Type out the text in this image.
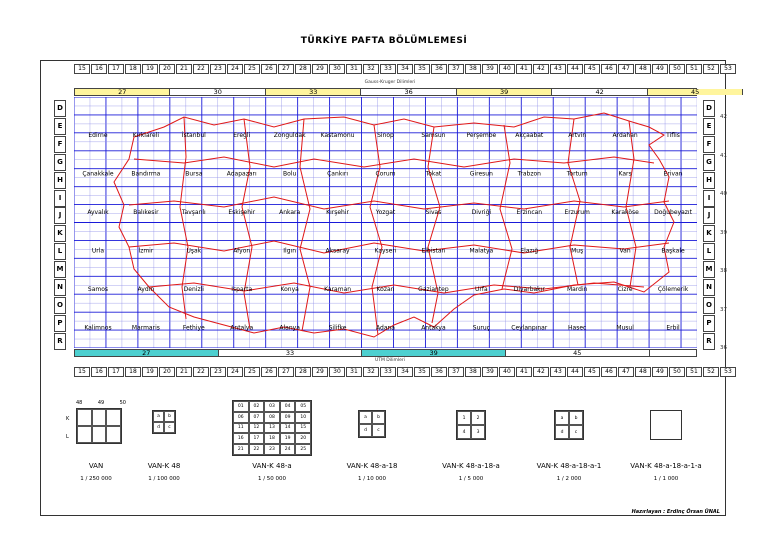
TÜRKİYE PAFTA BÖLÜMLEMESİ
15	16	17	18	19	20	21	22	23	24	25	26	27	28	29	30	31	32	33	34	35	36	37	38	39	40	41	42	43	44	45	46	47	48	49	50	51	52	53
27	30	33	36	39	42	45
Gauss-Kruger Dilimleri
D
E
F
G
H
I
J
K
L
M
N
O
P
R
D
E
F
G
H
I
J
K
L
M
N
O
P
R
42
41
40
39
38
37
36
Edirne	Kırklareli	İstanbul	Ereğli	Zonguldak	Kastamonu	Sinop	Samsun	Perşembe	Akçaabat	Artvin	Ardahan	Tiflis
Çanakkale	Bandırma	Bursa	Adapazarı	Bolu	Çankırı	Çorum	Tokat	Giresun	Trabzon	Tortum	Kars	Erivan
Ayvalık	Balıkesir	Tavşanlı	Eskişehir	Ankara	Kırşehir	Yozgat	Sivas	Divriği	Erzincan	Erzurum	Karaköse	Doğubeyazıt
Urla	İzmir	Uşak	Afyon	Ilgın	Aksaray	Kayseri	Elbistan	Malatya	Elazığ	Muş	Van	Başkale
Samos	Aydın	Denizli	Isparta	Konya	Karaman	Kozan	Gaziantep	Urfa	Diyarbakır	Mardin	Cizre	Çölemerik
Kalimnos	Marmaris	Fethiye	Antalya	Alanya	Silifke	Adana	Antakya	Suruç	Ceylanpınar	Hasec	Musul	Erbil
27	33	39	45
UTM Dilimleri
15	16	17	18	19	20	21	22	23	24	25	26	27	28	29	30	31	32	33	34	35	36	37	38	39	40	41	42	43	44	45	46	47	48	49	50	51	52	53
48	49	50
K
L
a	b
d	c
01	02	03	04	05
06	07	08	09	10
11	12	13	14	15
16	17	18	19	20
21	22	23	24	25
a	b
d	c
1	2
4	3
a	b
d	c
VAN
1 / 250 000
VAN-K 48
1 / 100 000
VAN-K 48-a
1 / 50 000
VAN-K 48-a-18
1 / 10 000
VAN-K 48-a-18-a
1 / 5 000
VAN-K 48-a-18-a-1
1 / 2 000
VAN-K 48-a-18-a-1-a
1 / 1 000
Hazırlayan : Erdinç Örsan ÜNAL
